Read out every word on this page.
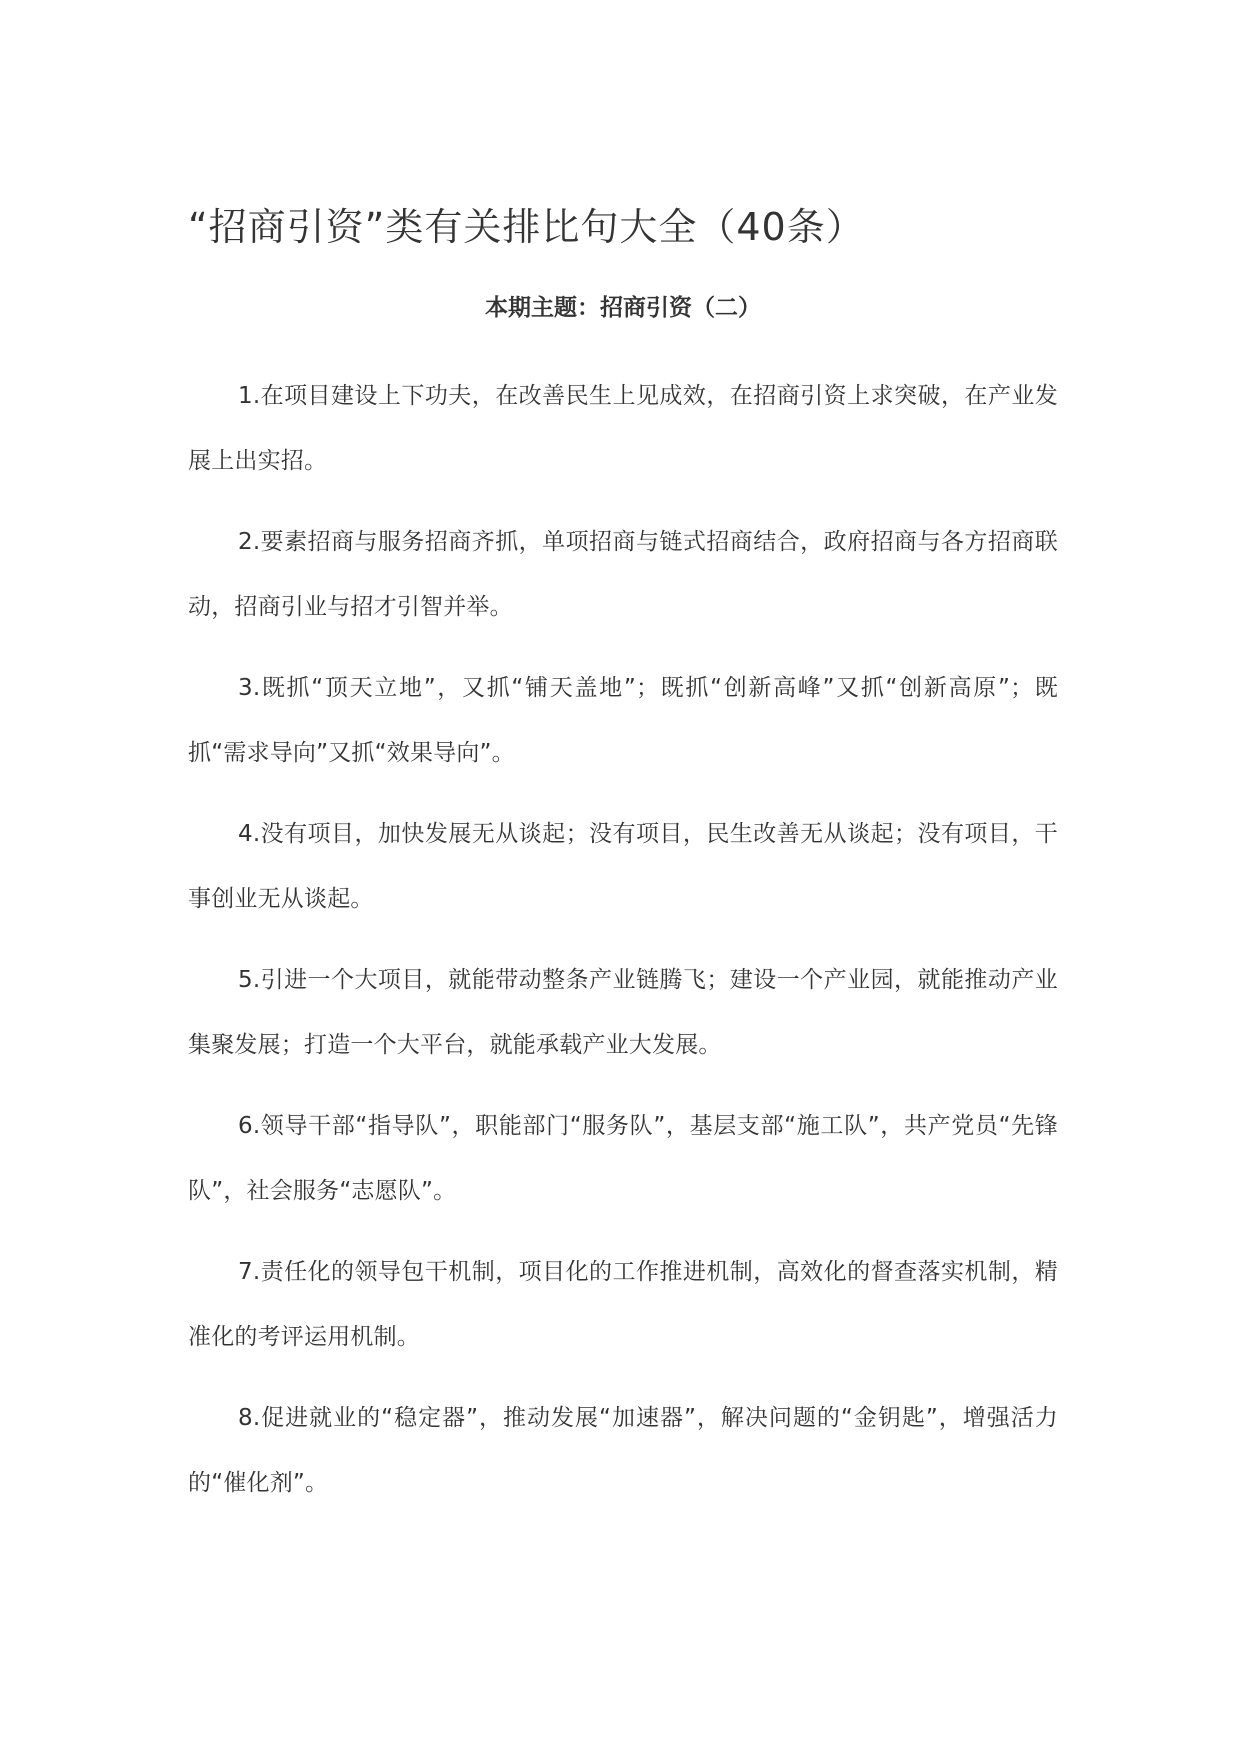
“招商引资”类有关排比句大全（40条）
本期主题：招商引资（二）

1.在项目建设上下功夫，在改善民生上见成效，在招商引资上求突破，在产业发展上出实招。

2.要素招商与服务招商齐抓，单项招商与链式招商结合，政府招商与各方招商联动，招商引业与招才引智并举。

3.既抓“顶天立地”，又抓“铺天盖地”；既抓“创新高峰”又抓“创新高原”；既抓“需求导向”又抓“效果导向”。

4.没有项目，加快发展无从谈起；没有项目，民生改善无从谈起；没有项目，干事创业无从谈起。

5.引进一个大项目，就能带动整条产业链腾飞；建设一个产业园，就能推动产业集聚发展；打造一个大平台，就能承载产业大发展。

6.领导干部“指导队”，职能部门“服务队”，基层支部“施工队”，共产党员“先锋队”，社会服务“志愿队”。

7.责任化的领导包干机制，项目化的工作推进机制，高效化的督查落实机制，精准化的考评运用机制。

8.促进就业的“稳定器”，推动发展“加速器”，解决问题的“金钥匙”，增强活力的“催化剂”。
